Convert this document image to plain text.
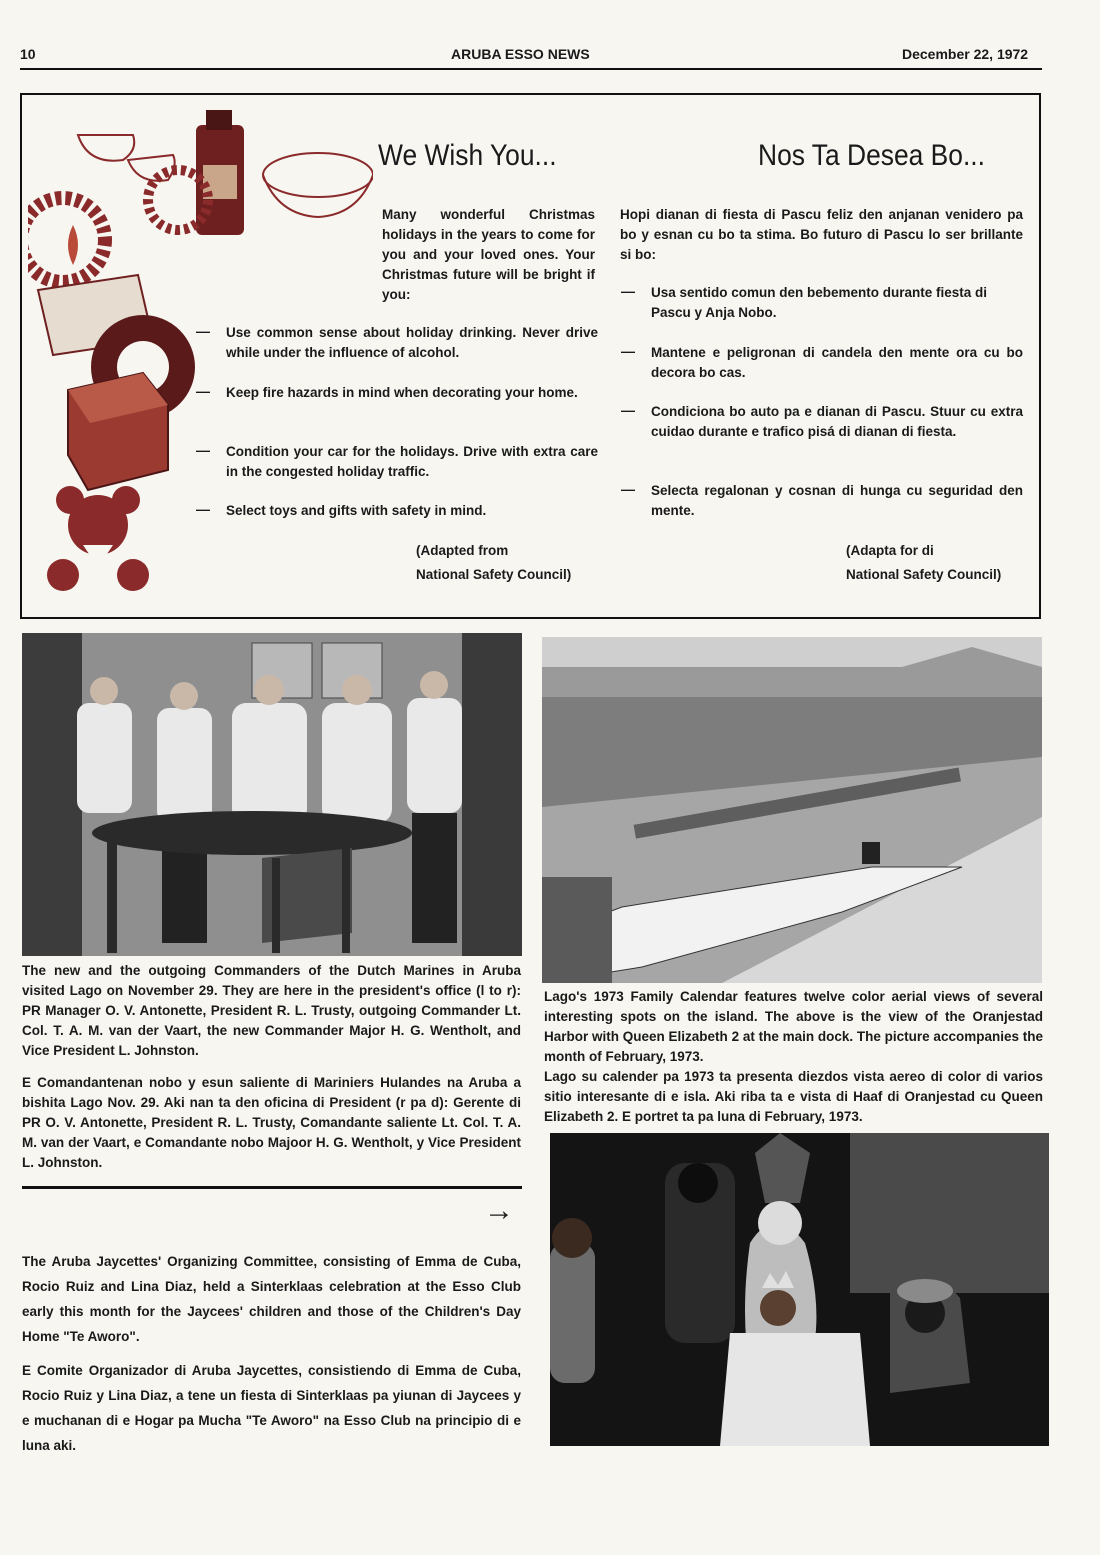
10	ARUBA ESSO NEWS	December 22, 1972
We Wish You...

Many wonderful Christmas holidays in the years to come for you and your loved ones. Your Christmas future will be bright if you:

—	Use common sense about holiday drinking. Never drive while under the influence of alcohol.

—	Keep fire hazards in mind when decorating your home.

—	Condition your car for the holidays. Drive with extra care in the congested holiday traffic.

—	Select toys and gifts with safety in mind.

(Adapted from
National Safety Council)
Nos Ta Desea Bo...

Hopi dianan di fiesta di Pascu feliz den anjanan venidero pa bo y esnan cu bo ta stima. Bo futuro di Pascu lo ser brillante si bo:

—	Usa sentido comun den bebemento durante fiesta di Pascu y Anja Nobo.

—	Mantene e peligronan di candela den mente ora cu bo decora bo cas.

—	Condiciona bo auto pa e dianan di Pascu. Stuur cu extra cuidao durante e trafico pisá di dianan di fiesta.

—	Selecta regalonan y cosnan di hunga cu seguridad den mente.

(Adapta for di
National Safety Council)

The new and the outgoing Commanders of the Dutch Marines in Aruba visited Lago on November 29. They are here in the president's office (l to r): PR Manager O. V. Antonette, President R. L. Trusty, outgoing Commander Lt. Col. T. A. M. van der Vaart, the new Commander Major H. G. Wentholt, and Vice President L. Johnston.

E Comandantenan nobo y esun saliente di Mariniers Hulandes na Aruba a bishita Lago Nov. 29. Aki nan ta den oficina di President (r pa d): Gerente di PR O. V. Antonette, President R. L. Trusty, Comandante saliente Lt. Col. T. A. M. van der Vaart, e Comandante nobo Majoor H. G. Wentholt, y Vice President L. Johnston.

→

The Aruba Jaycettes' Organizing Committee, consisting of Emma de Cuba, Rocio Ruiz and Lina Diaz, held a Sinterklaas celebration at the Esso Club early this month for the Jaycees' children and those of the Children's Day Home "Te Aworo".

E Comite Organizador di Aruba Jaycettes, consistiendo di Emma de Cuba, Rocio Ruiz y Lina Diaz, a tene un fiesta di Sinterklaas pa yiunan di Jaycees y e muchanan di e Hogar pa Mucha "Te Aworo" na Esso Club na principio di e luna aki.

Lago's 1973 Family Calendar features twelve color aerial views of several interesting spots on the island. The above is the view of the Oranjestad Harbor with Queen Elizabeth 2 at the main dock. The picture accompanies the month of February, 1973.

Lago su calender pa 1973 ta presenta diezdos vista aereo di color di varios sitio interesante di e isla. Aki riba ta e vista di Haaf di Oranjestad cu Queen Elizabeth 2. E portret ta pa luna di February, 1973.
